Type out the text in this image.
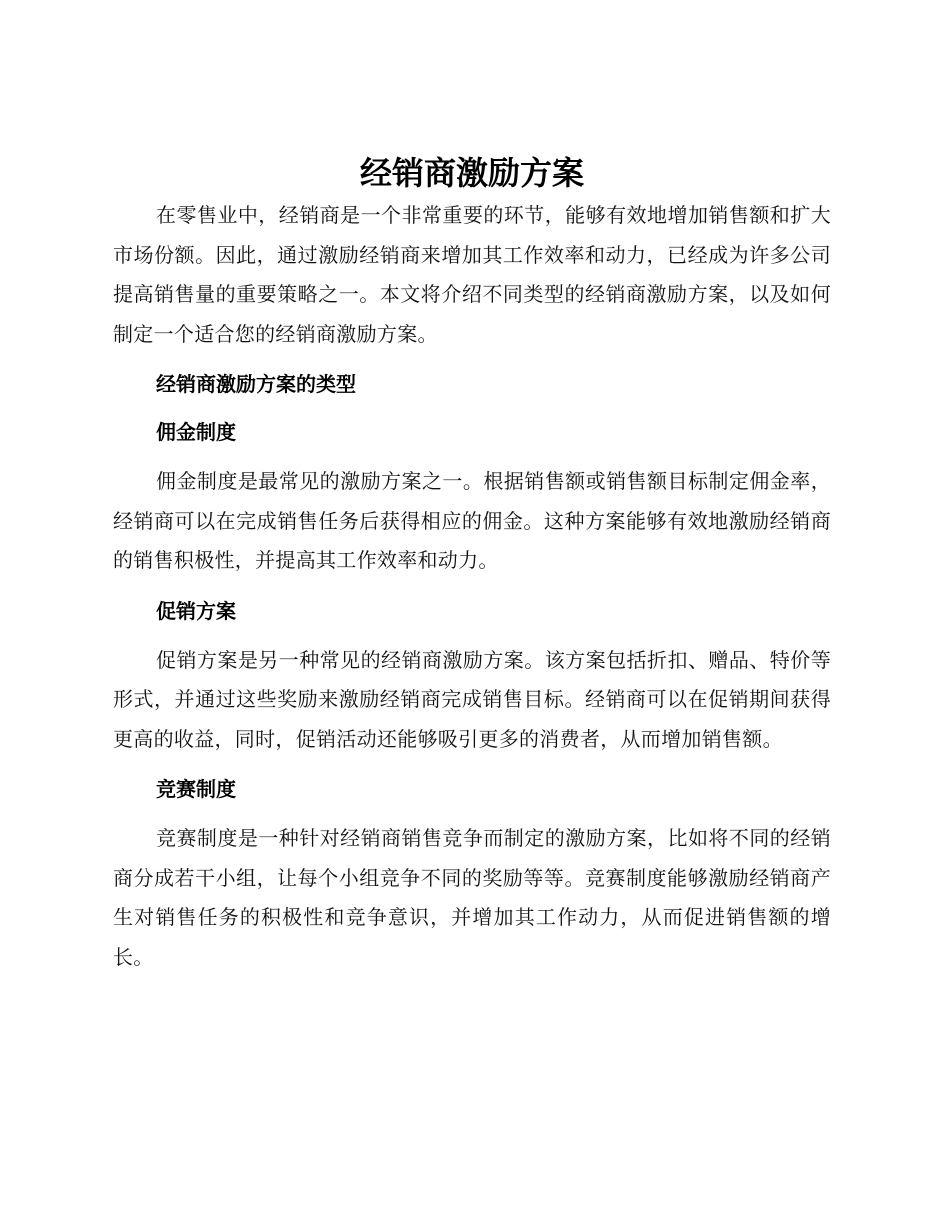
经销商激励方案

在零售业中，经销商是一个非常重要的环节，能够有效地增加销售额和扩大市场份额。因此，通过激励经销商来增加其工作效率和动力，已经成为许多公司提高销售量的重要策略之一。本文将介绍不同类型的经销商激励方案，以及如何制定一个适合您的经销商激励方案。

经销商激励方案的类型
佣金制度

佣金制度是最常见的激励方案之一。根据销售额或销售额目标制定佣金率，经销商可以在完成销售任务后获得相应的佣金。这种方案能够有效地激励经销商的销售积极性，并提高其工作效率和动力。

促销方案

促销方案是另一种常见的经销商激励方案。该方案包括折扣、赠品、特价等形式，并通过这些奖励来激励经销商完成销售目标。经销商可以在促销期间获得更高的收益，同时，促销活动还能够吸引更多的消费者，从而增加销售额。

竞赛制度

竞赛制度是一种针对经销商销售竞争而制定的激励方案，比如将不同的经销商分成若干小组，让每个小组竞争不同的奖励等等。竞赛制度能够激励经销商产生对销售任务的积极性和竞争意识，并增加其工作动力，从而促进销售额的增长。
